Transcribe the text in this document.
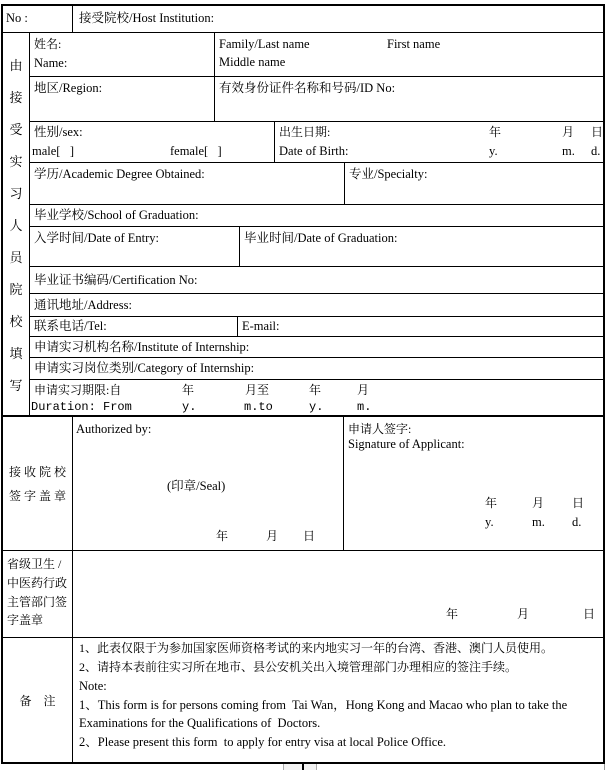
No :	接受院校/Host Institution:
由
接
受
实
习
人
员
院
校
填
写
姓名:
Name:
Family/Last name	First name
Middle name
地区/Region:	有效身份证件名称和号码/ID No:
性别/sex:
male[   ]	female[   ]
出生日期:	年	月 日
Date of Birth:	y.	m. d.
学历/Academic Degree Obtained:	专业/Specialty:
毕业学校/School of Graduation:
入学时间/Date of Entry:	毕业时间/Date of Graduation:
毕业证书编码/Certification No:
通讯地址/Address:
联系电话/Tel:	E-mail:
申请实习机构名称/Institute of Internship:
申请实习岗位类别/Category of Internship:
申请实习期限:自	年	月至	年	月
Duration: From	y.	m.to	y.	m.
接 收 院 校
签 字 盖 章
Authorized by:
(印章/Seal)
年	月 日
申请人签字:
Signature of Applicant:
年	月 日
y.	m. d.
省级卫生 /
中医药行政
主管部门签
字盖章	年	月	日
备    注
1、此表仅限于为参加国家医师资格考试的来内地实习一年的台湾、香港、澳门人员使用。
2、请持本表前往实习所在地市、县公安机关出入境管理部门办理相应的签注手续。
Note:
1、This form is for persons coming from  Tai Wan，Hong Kong and Macao who plan to take the
Examinations for the Qualifications of  Doctors.
2、Please present this form  to apply for entry visa at local Police Office.
